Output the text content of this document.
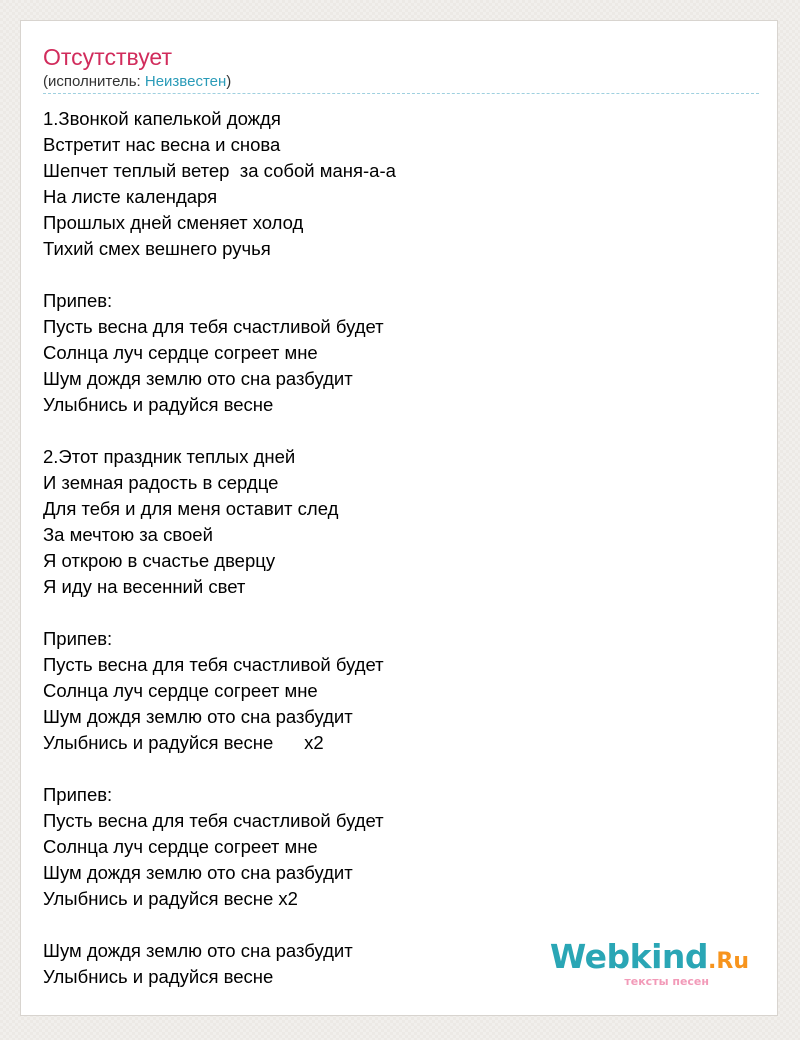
Отсутствует
(исполнитель: Неизвестен)
1.Звонкой капелькой дождя
Встретит нас весна и снова
Шепчет теплый ветер  за собой маня-а-а
На листе календаря
Прошлых дней сменяет холод
Тихий смех вешнего ручья
Припев:
Пусть весна для тебя счастливой будет
Солнца луч сердце согреет мне
Шум дождя землю ото сна разбудит
Улыбнись и радуйся весне
2.Этот праздник теплых дней
И земная радость в сердце
Для тебя и для меня оставит след
За мечтою за своей
Я открою в счастье дверцу
Я иду на весенний свет
Припев:
Пусть весна для тебя счастливой будет
Солнца луч сердце согреет мне
Шум дождя землю ото сна разбудит
Улыбнись и радуйся весне      х2
Припев:
Пусть весна для тебя счастливой будет
Солнца луч сердце согреет мне
Шум дождя землю ото сна разбудит
Улыбнись и радуйся весне х2
Шум дождя землю ото сна разбудит
Улыбнись и радуйся весне
Webkind.Ru
тексты песен
